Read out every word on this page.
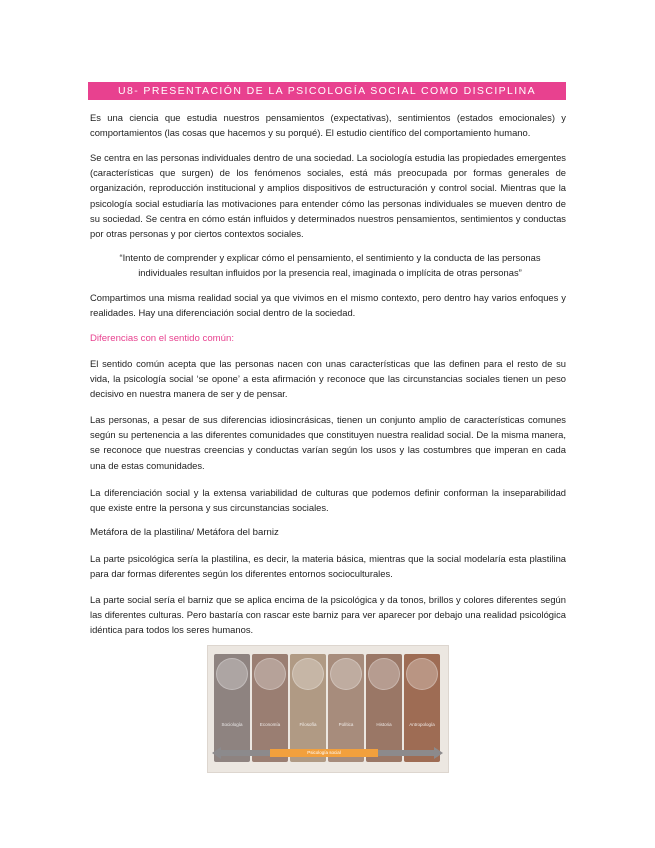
U8- PRESENTACIÓN DE LA PSICOLOGÍA SOCIAL COMO DISCIPLINA

Es una ciencia que estudia nuestros pensamientos (expectativas), sentimientos (estados emocionales) y comportamientos (las cosas que hacemos y su porqué). El estudio científico del comportamiento humano.

Se centra en las personas individuales dentro de una sociedad. La sociología estudia las propiedades emergentes (características que surgen) de los fenómenos sociales, está más preocupada por formas generales de organización, reproducción institucional y amplios dispositivos de estructuración y control social. Mientras que la psicología social estudiaría las motivaciones para entender cómo las personas individuales se mueven dentro de su sociedad. Se centra en cómo están influidos y determinados nuestros pensamientos, sentimientos y conductas por otras personas y por ciertos contextos sociales.

“Intento de comprender y explicar cómo el pensamiento, el sentimiento y la conducta de las personas individuales resultan influidos por la presencia real, imaginada o implícita de otras personas”

Compartimos una misma realidad social ya que vivimos en el mismo contexto, pero dentro hay varios enfoques y realidades. Hay una diferenciación social dentro de la sociedad.

Diferencias con el sentido común:

El sentido común acepta que las personas nacen con unas características que las definen para el resto de su vida, la psicología social ‘se opone’ a esta afirmación y reconoce que las circunstancias sociales tienen un peso decisivo en nuestra manera de ser y de pensar.

Las personas, a pesar de sus diferencias idiosincrásicas, tienen un conjunto amplio de características comunes según su pertenencia a las diferentes comunidades que constituyen nuestra realidad social. De la misma manera, se reconoce que nuestras creencias y conductas varían según los usos y las costumbres que imperan en cada una de estas comunidades.

La diferenciación social y la extensa variabilidad de culturas que podemos definir conforman la inseparabilidad que existe entre la persona y sus circunstancias sociales.

Metáfora de la plastilina/ Metáfora del barniz

La parte psicológica sería la plastilina, es decir, la materia básica, mientras que la social modelaría esta plastilina para dar formas diferentes según los diferentes entornos socioculturales.

La parte social sería el barniz que se aplica encima de la psicológica y da tonos, brillos y colores diferentes según las diferentes culturas. Pero bastaría con rascar este barniz para ver aparecer por debajo una realidad psicológica idéntica para todos los seres humanos.

Sociología	Economía	Filosofía	Política	Historia	Antropología
Psicología social
